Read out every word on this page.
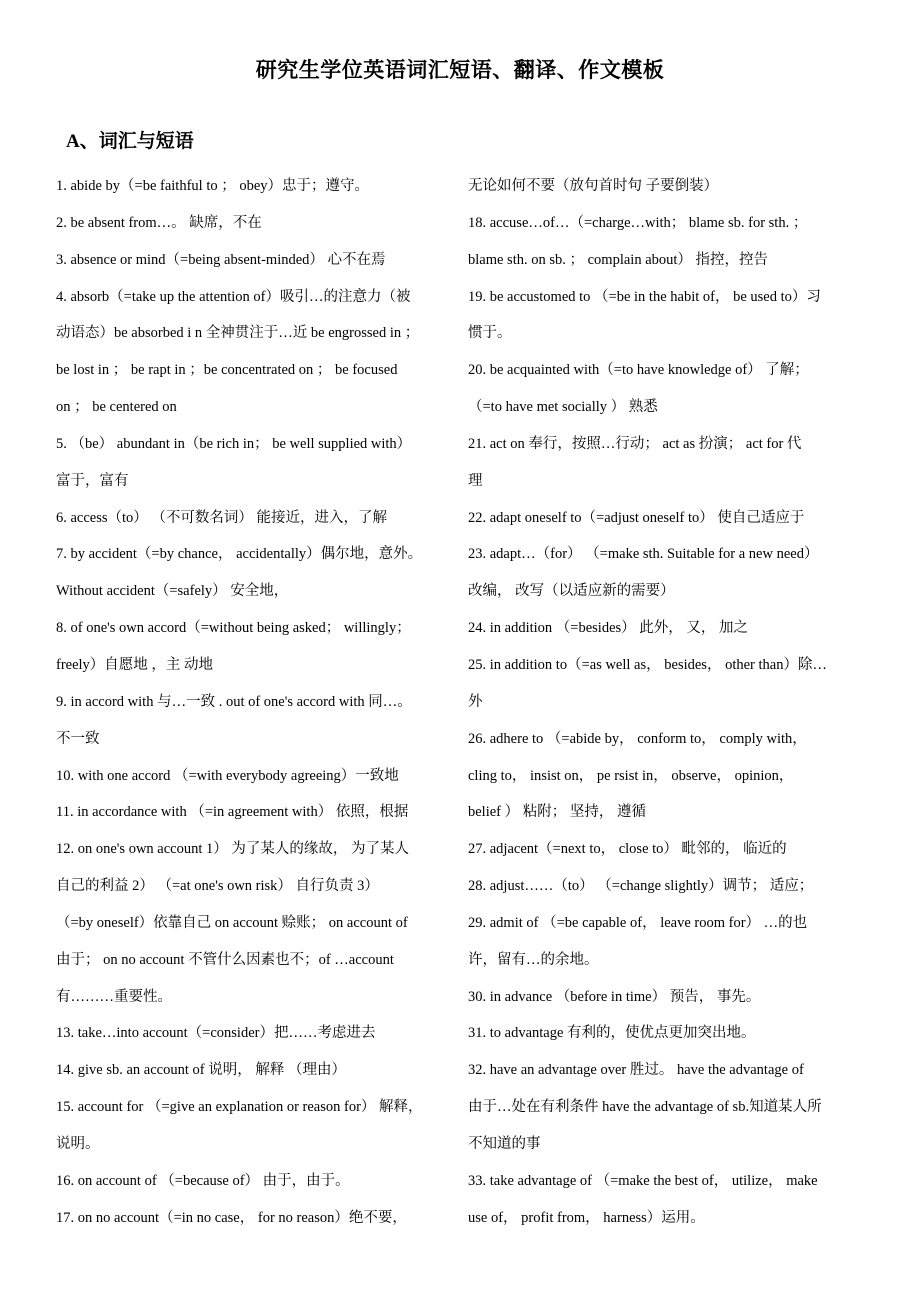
研究生学位英语词汇短语、翻译、作文模板
A、词汇与短语
1. abide by（=be faithful to ； obey）忠于；遵守。
2. be absent from…。 缺席，不在
3. absence or mind（=being absent-minded） 心不在焉
4. absorb（=take up the attention of）吸引…的注意力（被
动语态）be absorbed i n 全神贯注于…近 be engrossed in ；
be lost in ； be rapt in ；be concentrated on ； be focused
on ； be centered on
5. （be） abundant in（be rich in； be well supplied with）
富于，富有
6. access（to） （不可数名词） 能接近，进入，了解
7. by accident（=by chance， accidentally）偶尔地，意外。
Without accident（=safely） 安全地，
8. of one's own accord（=without being asked； willingly；
freely）自愿地 ，主 动地
9. in accord with 与…一致 . out of one's accord with 同…。
不一致
10. with one accord （=with everybody agreeing）一致地
11. in accordance with （=in agreement with） 依照，根据
12. on one's own account 1） 为了某人的缘故， 为了某人
自己的利益 2） （=at one's own risk） 自行负责 3）
（=by oneself）依靠自己 on account 赊账； on account of
由于； on no account 不管什么因素也不；of …account
有………重要性。
13. take…into account（=consider）把……考虑进去
14. give sb. an account of 说明， 解释 （理由）
15. account for （=give an explanation or reason for） 解释，
说明。
16. on account of （=because of） 由于，由于。
17. on no account（=in no case， for no reason）绝不要，
无论如何不要（放句首时句 子要倒装）
18. accuse…of…（=charge…with； blame sb. for sth. ；
blame sth. on sb. ； complain about） 指控，控告
19. be accustomed to （=be in the habit of， be used to）习
惯于。
20. be acquainted with（=to have knowledge of） 了解；
（=to have met socially ） 熟悉
21. act on 奉行，按照…行动； act as 扮演； act for 代
理
22. adapt oneself to（=adjust oneself to） 使自己适应于
23. adapt…（for） （=make sth. Suitable for a new need）
改编， 改写（以适应新的需要）
24. in addition （=besides） 此外， 又， 加之
25. in addition to（=as well as， besides， other than）除…
外
26. adhere to （=abide by， conform to， comply with，
cling to， insist on， pe rsist in， observe， opinion，
belief ） 粘附； 坚持， 遵循
27. adjacent（=next to， close to） 毗邻的， 临近的
28. adjust……（to） （=change slightly）调节； 适应；
29. admit of （=be capable of， leave room for） …的也
许，留有…的余地。
30. in advance （before in time） 预告， 事先。
31. to advantage 有利的，使优点更加突出地。
32. have an advantage over 胜过。 have the advantage of
由于…处在有利条件 have the advantage of sb.知道某人所
不知道的事
33. take advantage of （=make the best of， utilize， make
use of， profit from， harness）运用。
